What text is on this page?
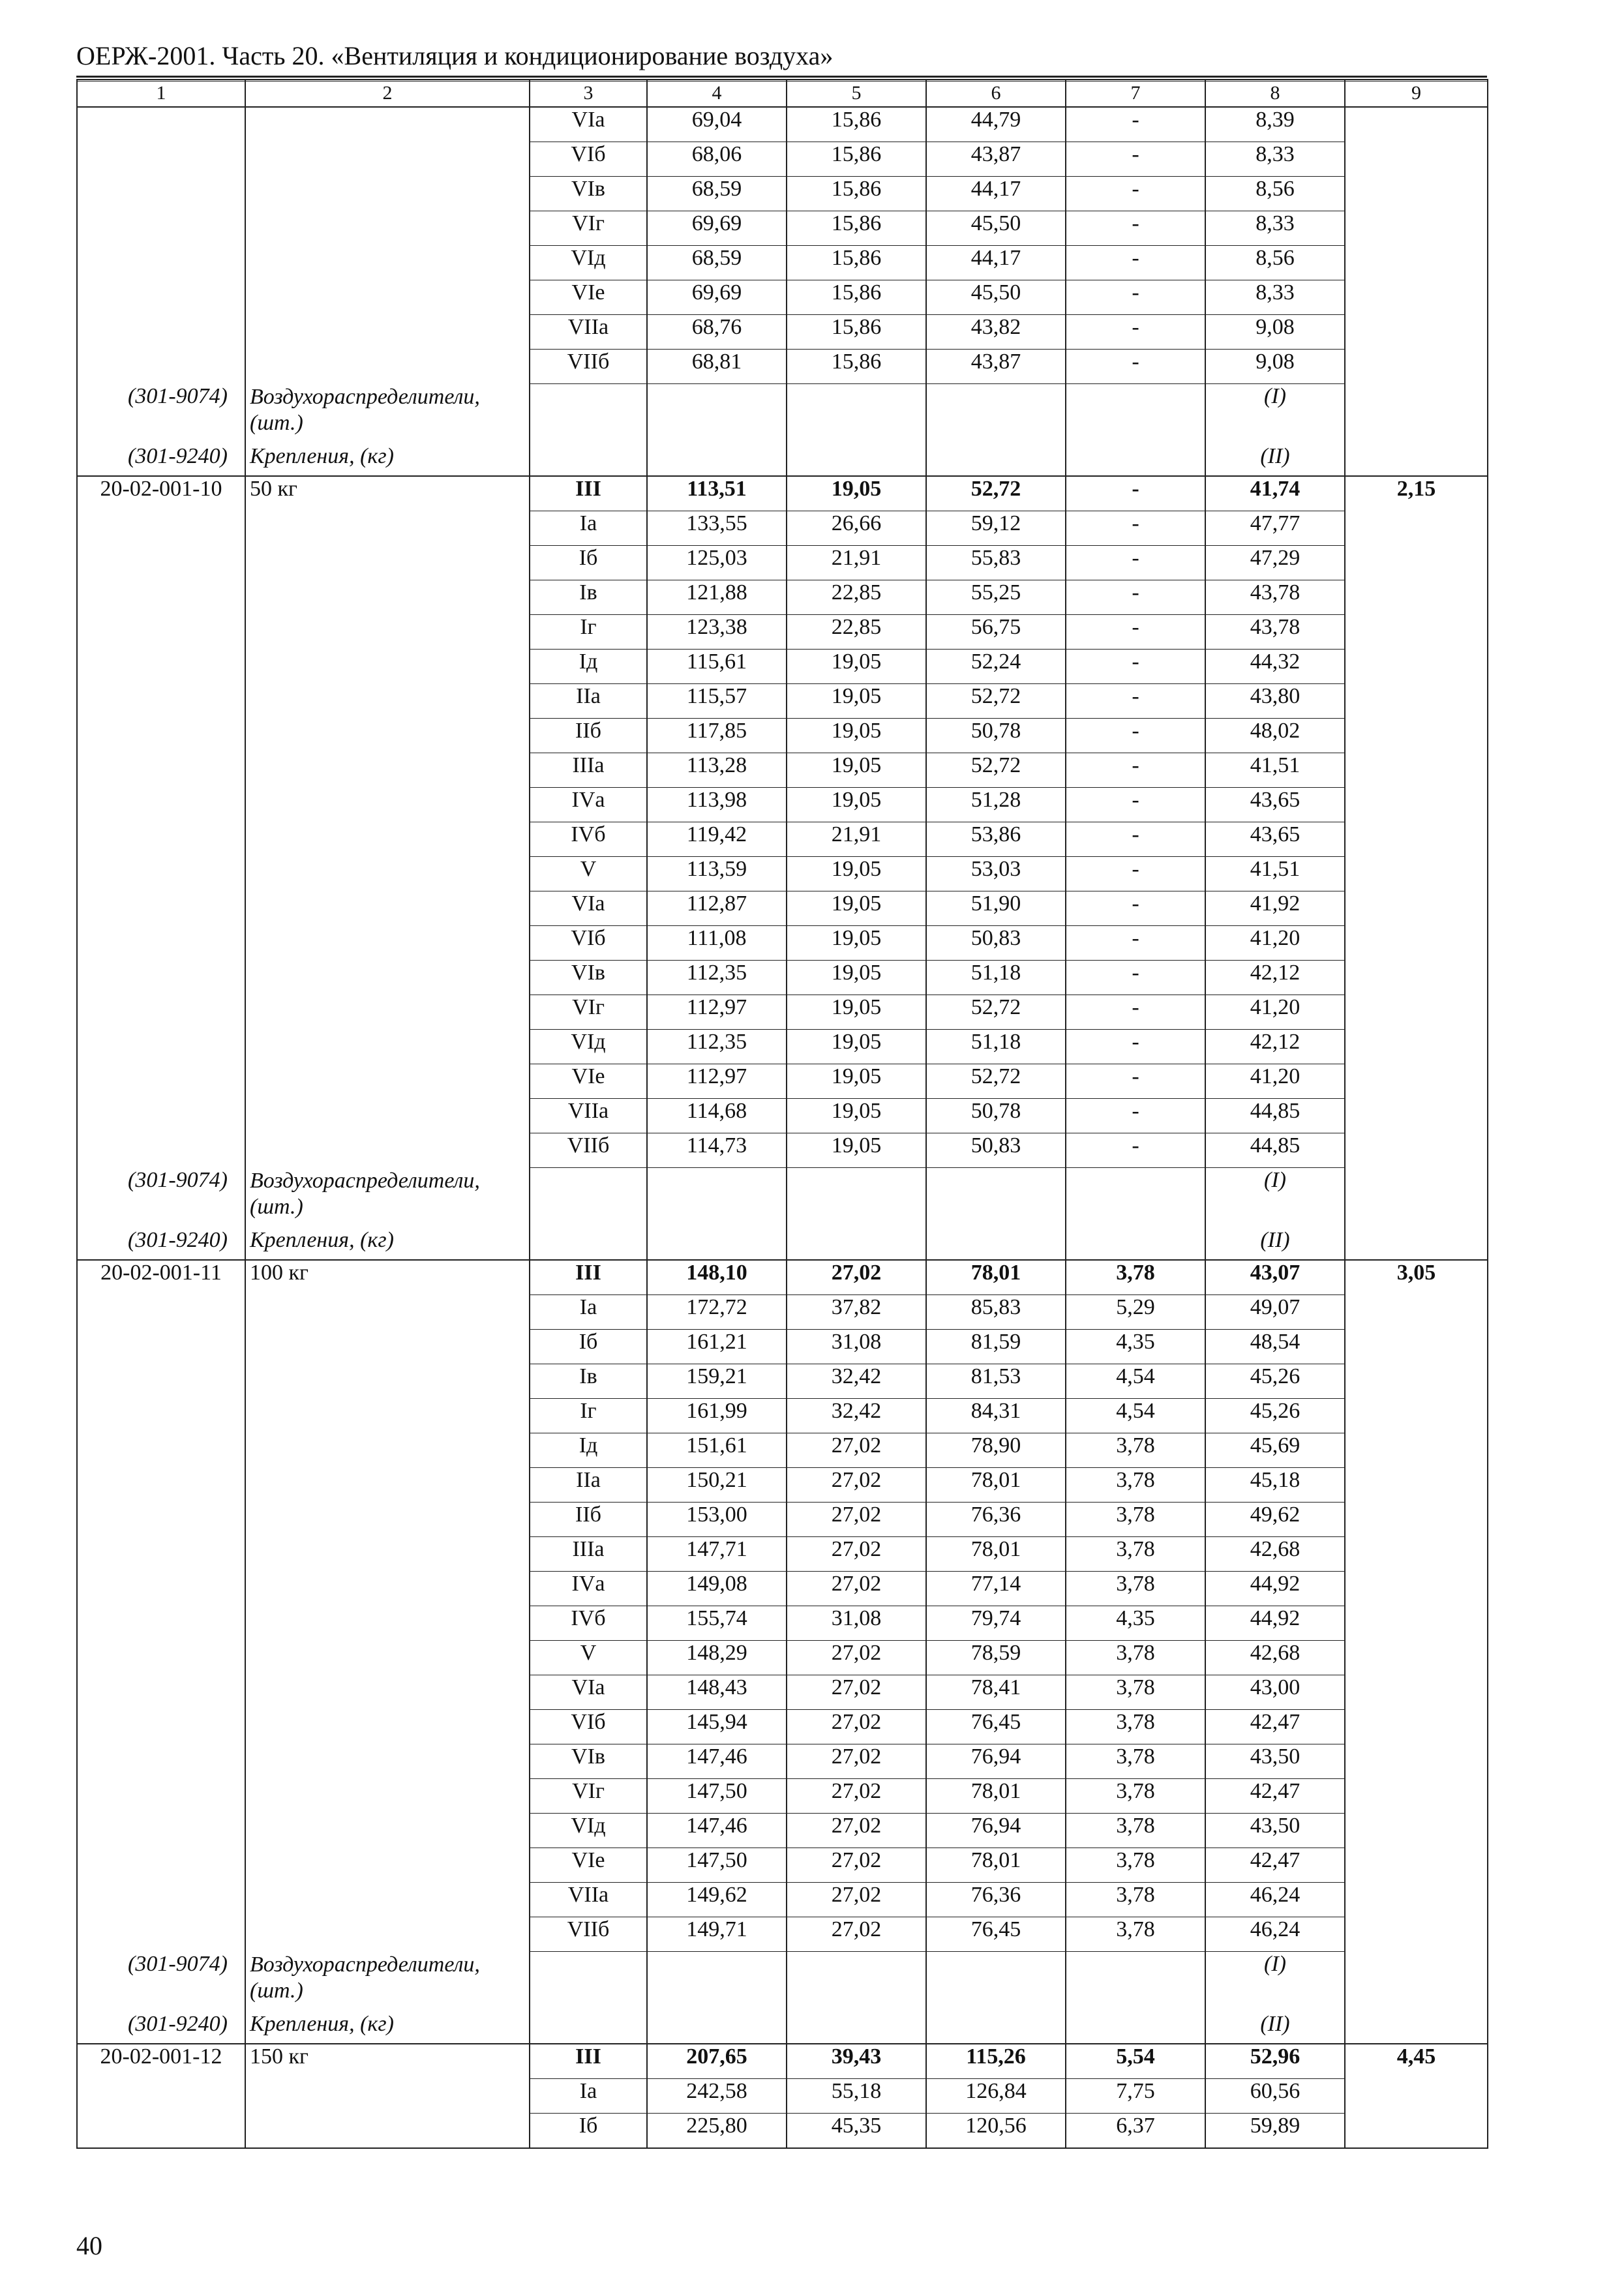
ОЕРЖ-2001. Часть 20. «Вентиляция и кондиционирование воздуха»
1	2	3	4	5	6	7	8	9
		VIа	69,04	15,86	44,79	-	8,39	
		VIб	68,06	15,86	43,87	-	8,33	
		VIв	68,59	15,86	44,17	-	8,56	
		VIг	69,69	15,86	45,50	-	8,33	
		VIд	68,59	15,86	44,17	-	8,56	
		VIе	69,69	15,86	45,50	-	8,33	
		VIIа	68,76	15,86	43,82	-	9,08	
		VIIб	68,81	15,86	43,87	-	9,08	
(301-9074)	Воздухораспределители, (шт.)						(I)	
(301-9240)	Крепления, (кг)						(II)	
20-02-001-10	50 кг	III	113,51	19,05	52,72	-	41,74	2,15
		Iа	133,55	26,66	59,12	-	47,77	
		Iб	125,03	21,91	55,83	-	47,29	
		Iв	121,88	22,85	55,25	-	43,78	
		Iг	123,38	22,85	56,75	-	43,78	
		Iд	115,61	19,05	52,24	-	44,32	
		IIа	115,57	19,05	52,72	-	43,80	
		IIб	117,85	19,05	50,78	-	48,02	
		IIIа	113,28	19,05	52,72	-	41,51	
		IVа	113,98	19,05	51,28	-	43,65	
		IVб	119,42	21,91	53,86	-	43,65	
		V	113,59	19,05	53,03	-	41,51	
		VIа	112,87	19,05	51,90	-	41,92	
		VIб	111,08	19,05	50,83	-	41,20	
		VIв	112,35	19,05	51,18	-	42,12	
		VIг	112,97	19,05	52,72	-	41,20	
		VIд	112,35	19,05	51,18	-	42,12	
		VIе	112,97	19,05	52,72	-	41,20	
		VIIа	114,68	19,05	50,78	-	44,85	
		VIIб	114,73	19,05	50,83	-	44,85	
(301-9074)	Воздухораспределители, (шт.)						(I)	
(301-9240)	Крепления, (кг)						(II)	
20-02-001-11	100 кг	III	148,10	27,02	78,01	3,78	43,07	3,05
		Iа	172,72	37,82	85,83	5,29	49,07	
		Iб	161,21	31,08	81,59	4,35	48,54	
		Iв	159,21	32,42	81,53	4,54	45,26	
		Iг	161,99	32,42	84,31	4,54	45,26	
		Iд	151,61	27,02	78,90	3,78	45,69	
		IIа	150,21	27,02	78,01	3,78	45,18	
		IIб	153,00	27,02	76,36	3,78	49,62	
		IIIа	147,71	27,02	78,01	3,78	42,68	
		IVа	149,08	27,02	77,14	3,78	44,92	
		IVб	155,74	31,08	79,74	4,35	44,92	
		V	148,29	27,02	78,59	3,78	42,68	
		VIа	148,43	27,02	78,41	3,78	43,00	
		VIб	145,94	27,02	76,45	3,78	42,47	
		VIв	147,46	27,02	76,94	3,78	43,50	
		VIг	147,50	27,02	78,01	3,78	42,47	
		VIд	147,46	27,02	76,94	3,78	43,50	
		VIе	147,50	27,02	78,01	3,78	42,47	
		VIIа	149,62	27,02	76,36	3,78	46,24	
		VIIб	149,71	27,02	76,45	3,78	46,24	
(301-9074)	Воздухораспределители, (шт.)						(I)	
(301-9240)	Крепления, (кг)						(II)	
20-02-001-12	150 кг	III	207,65	39,43	115,26	5,54	52,96	4,45
		Iа	242,58	55,18	126,84	7,75	60,56	
		Iб	225,80	45,35	120,56	6,37	59,89	
40
